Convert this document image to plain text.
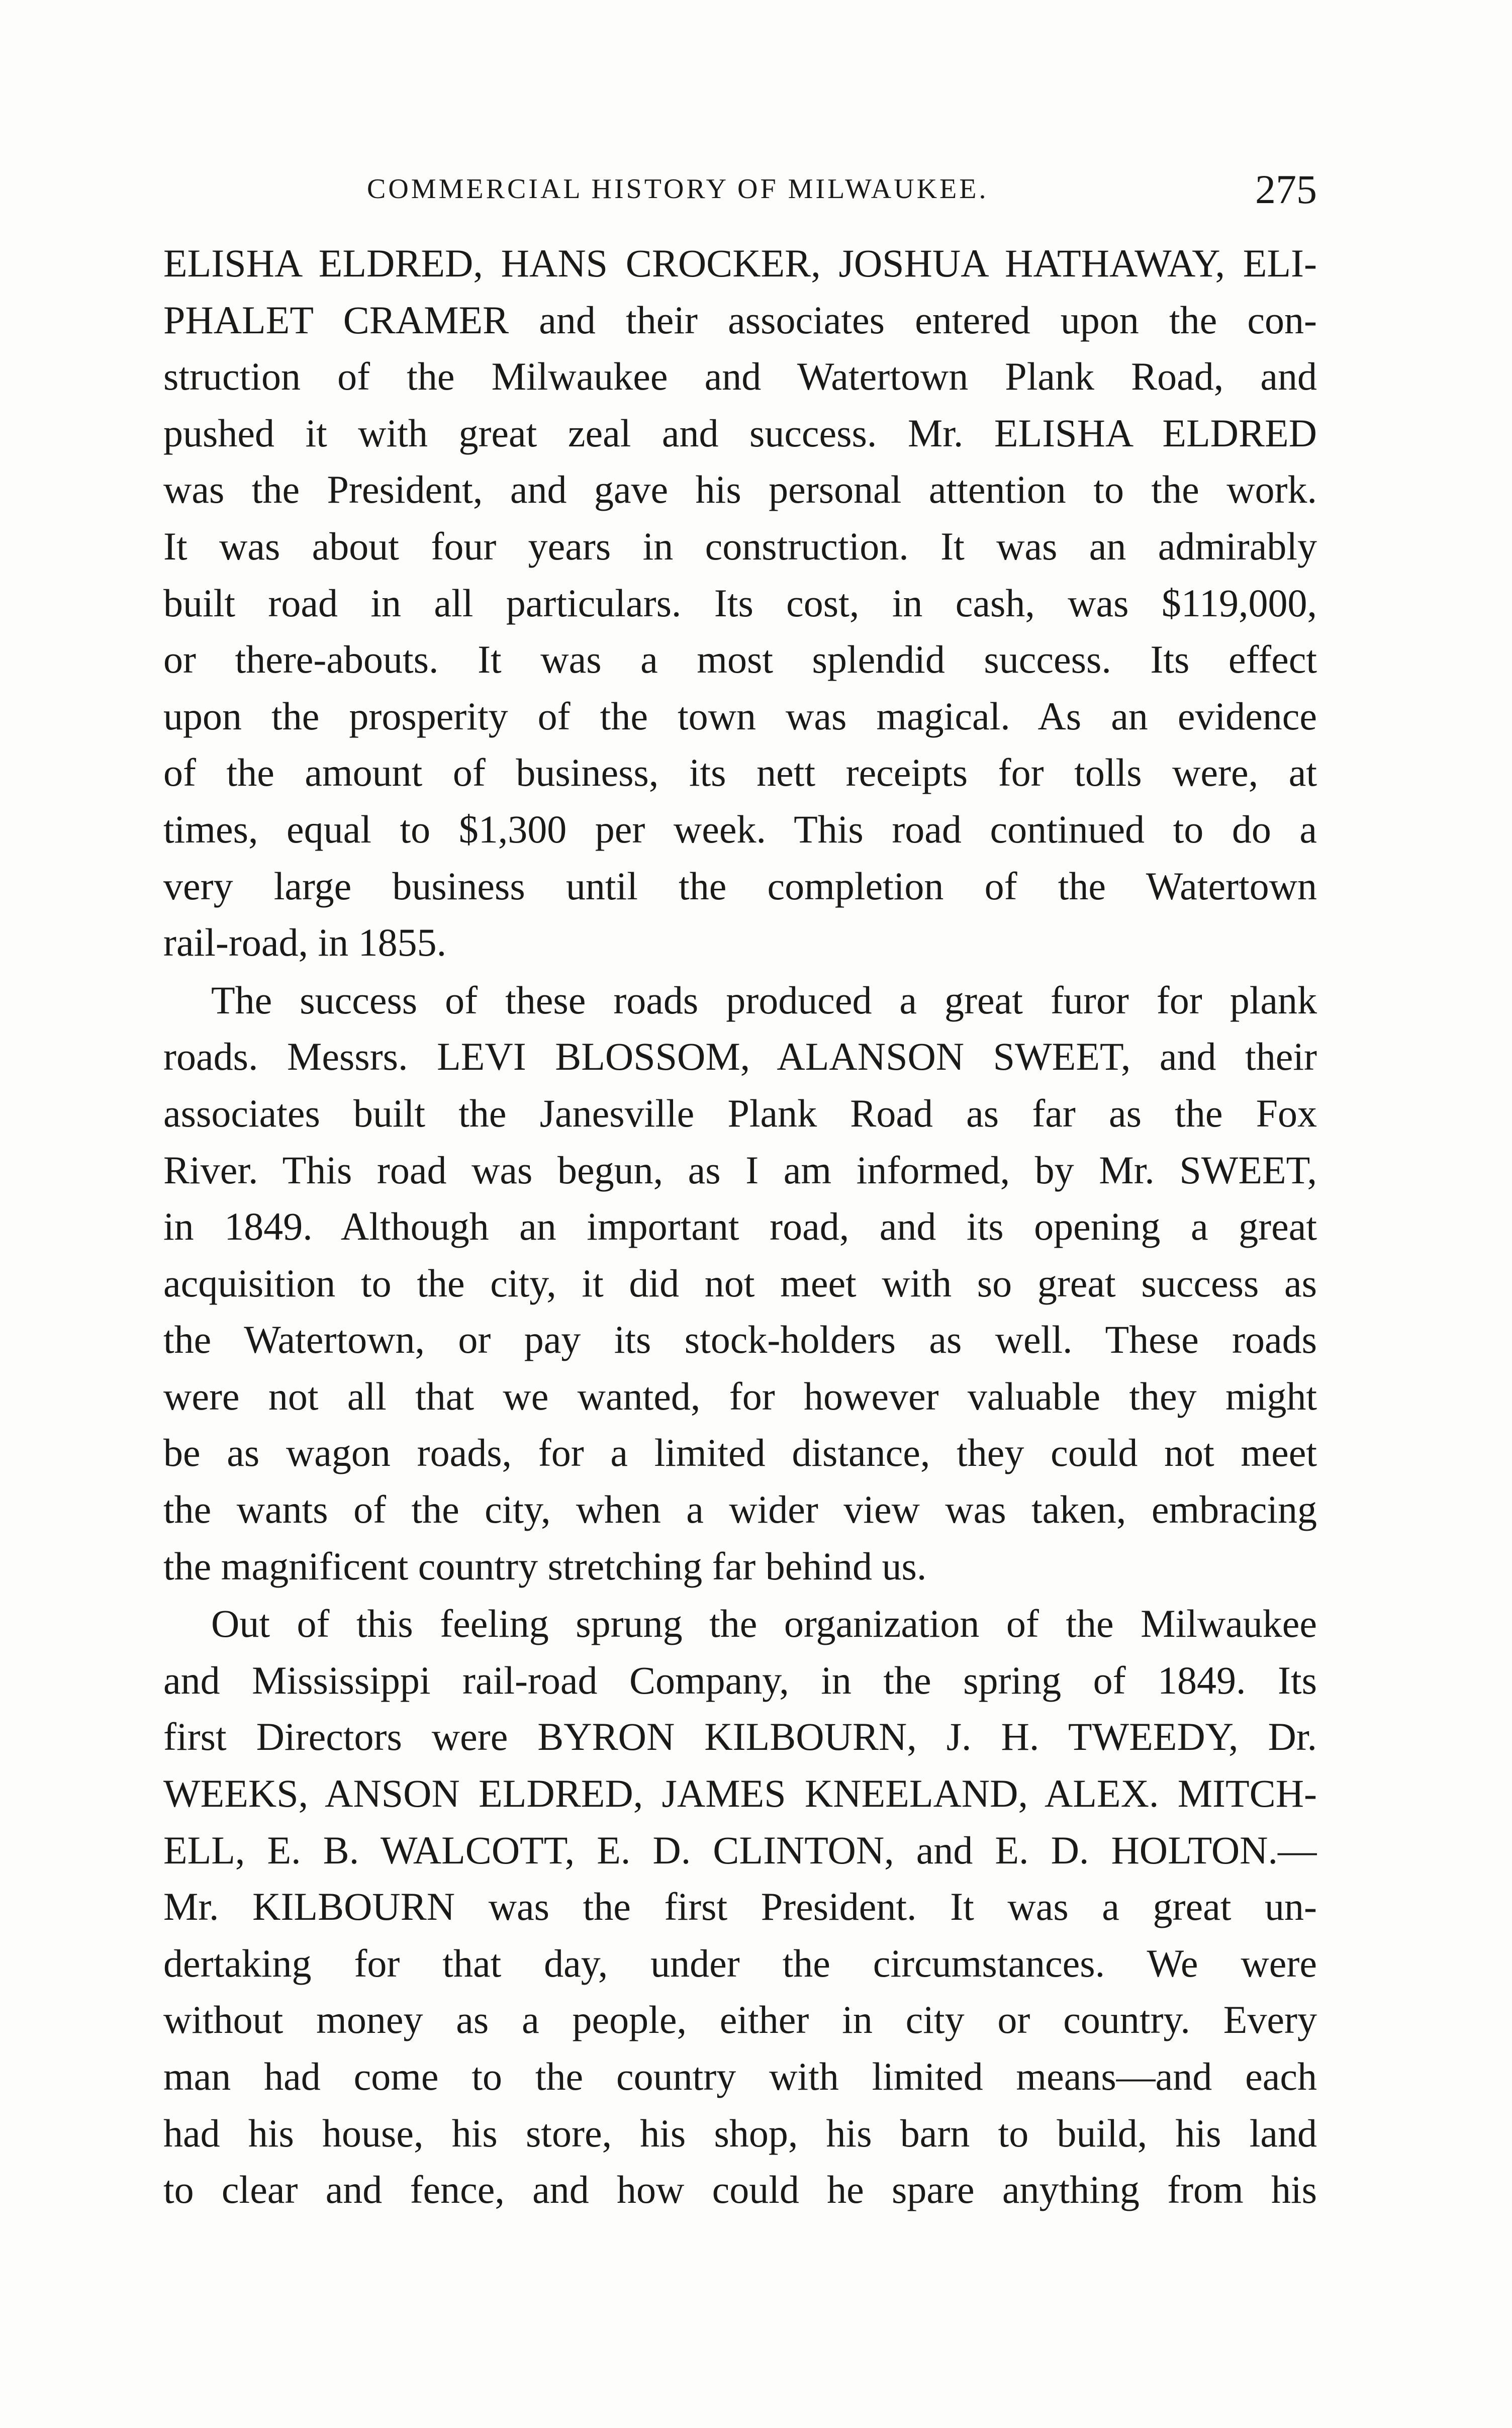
COMMERCIAL HISTORY OF MILWAUKEE.	275
ELISHA ELDRED, HANS CROCKER, JOSHUA HATHAWAY, ELI-
PHALET CRAMER and their associates entered upon the con-
struction of the Milwaukee and Watertown Plank Road, and
pushed it with great zeal and success. Mr. ELISHA ELDRED
was the President, and gave his personal attention to the work.
It was about four years in construction. It was an admirably
built road in all particulars. Its cost, in cash, was $119,000,
or there-abouts. It was a most splendid success. Its effect
upon the prosperity of the town was magical. As an evidence
of the amount of business, its nett receipts for tolls were, at
times, equal to $1,300 per week. This road continued to do a
very large business until the completion of the Watertown
rail-road, in 1855.
The success of these roads produced a great furor for plank
roads. Messrs. LEVI BLOSSOM, ALANSON SWEET, and their
associates built the Janesville Plank Road as far as the Fox
River. This road was begun, as I am informed, by Mr. SWEET,
in 1849. Although an important road, and its opening a great
acquisition to the city, it did not meet with so great success as
the Watertown, or pay its stock-holders as well. These roads
were not all that we wanted, for however valuable they might
be as wagon roads, for a limited distance, they could not meet
the wants of the city, when a wider view was taken, embracing
the magnificent country stretching far behind us.
Out of this feeling sprung the organization of the Milwaukee
and Mississippi rail-road Company, in the spring of 1849. Its
first Directors were BYRON KILBOURN, J. H. TWEEDY, Dr.
WEEKS, ANSON ELDRED, JAMES KNEELAND, ALEX. MITCH-
ELL, E. B. WALCOTT, E. D. CLINTON, and E. D. HOLTON.—
Mr. KILBOURN was the first President. It was a great un-
dertaking for that day, under the circumstances. We were
without money as a people, either in city or country. Every
man had come to the country with limited means—and each
had his house, his store, his shop, his barn to build, his land
to clear and fence, and how could he spare anything from his
